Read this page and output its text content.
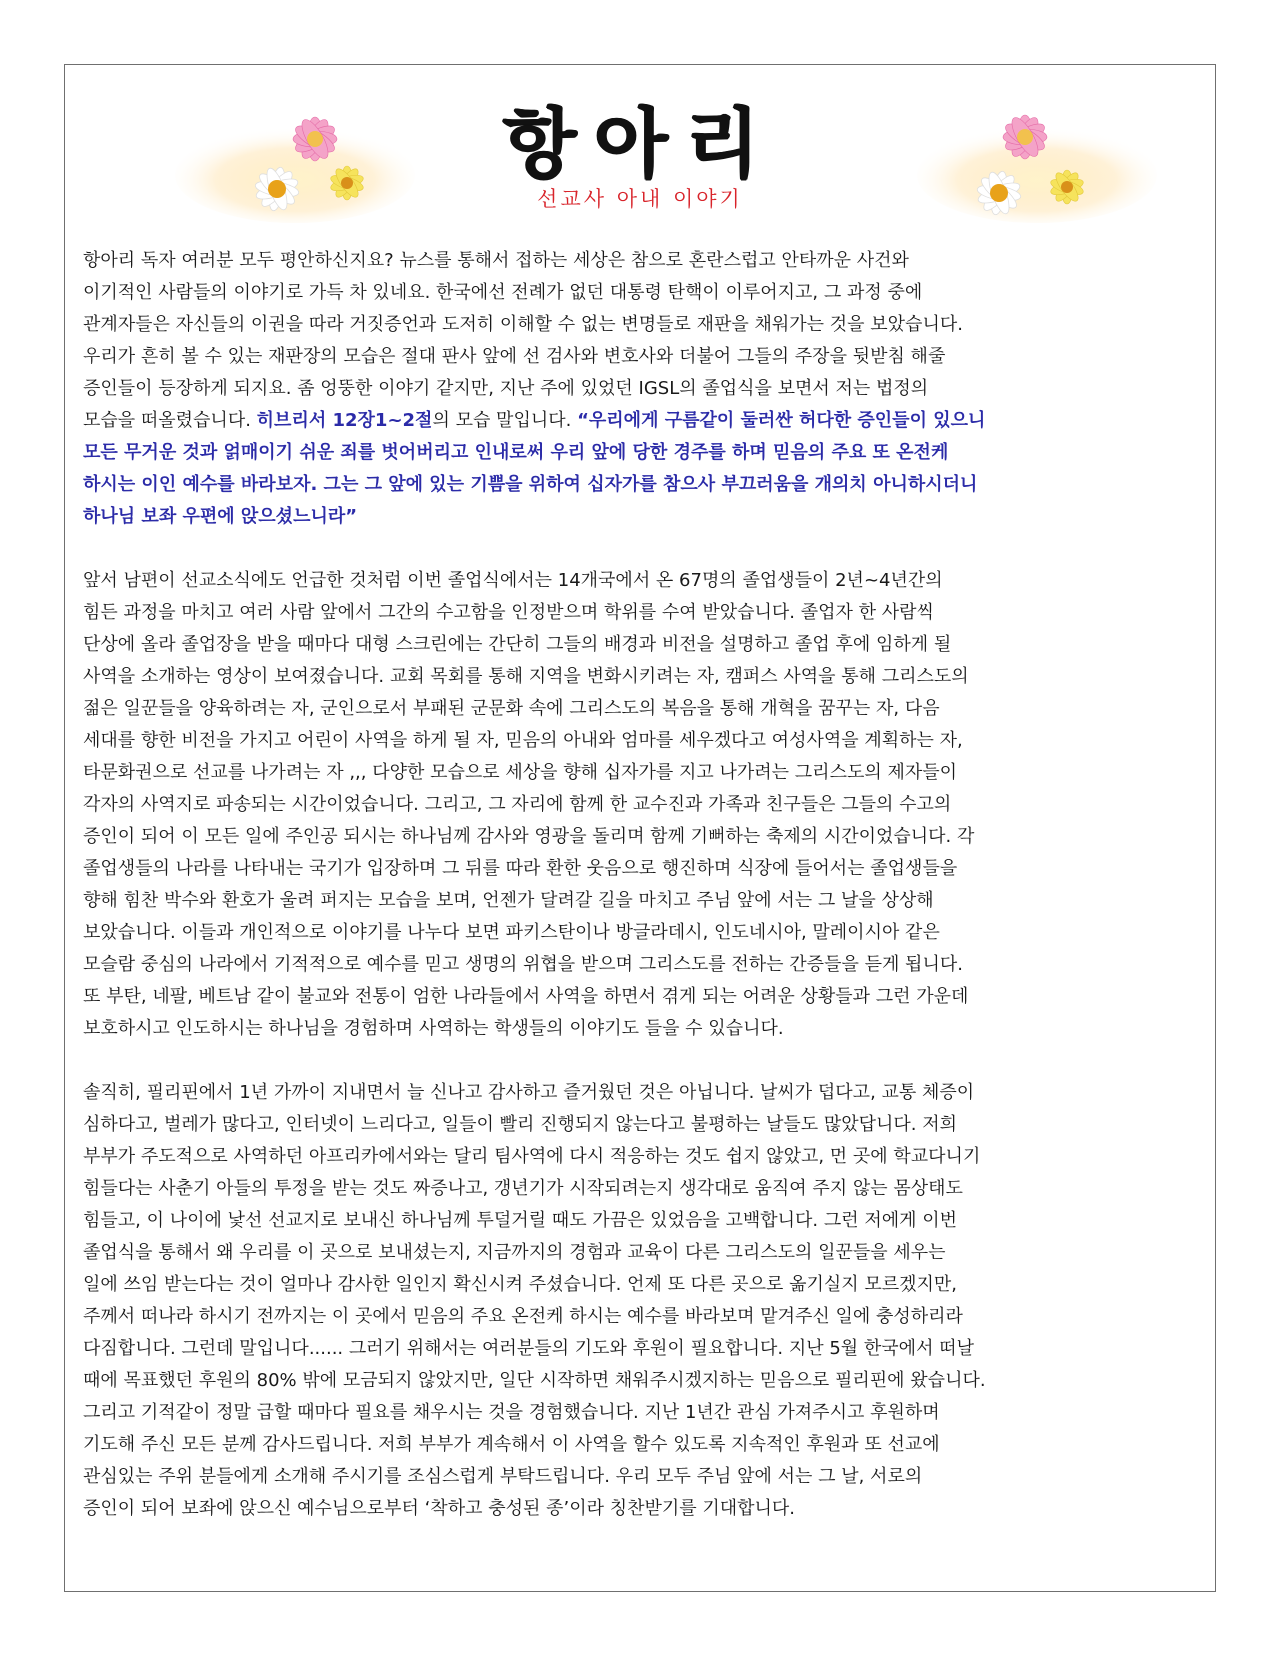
항아리
선교사 아내 이야기

항아리 독자 여러분 모두 평안하신지요? 뉴스를 통해서 접하는 세상은 참으로 혼란스럽고 안타까운 사건와
이기적인 사람들의 이야기로 가득 차 있네요. 한국에선 전례가 없던 대통령 탄핵이 이루어지고, 그 과정 중에
관계자들은 자신들의 이권을 따라 거짓증언과 도저히 이해할 수 없는 변명들로 재판을 채워가는 것을 보았습니다.
우리가 흔히 볼 수 있는 재판장의 모습은 절대 판사 앞에 선 검사와 변호사와 더불어 그들의 주장을 뒷받침 해줄
증인들이 등장하게 되지요. 좀 엉뚱한 이야기 같지만, 지난 주에 있었던 IGSL의 졸업식을 보면서 저는 법정의
모습을 떠올렸습니다. 히브리서 12장1~2절의 모습 말입니다. “우리에게 구름같이 둘러싼 허다한 증인들이 있으니
모든 무거운 것과 얽매이기 쉬운 죄를 벗어버리고 인내로써 우리 앞에 당한 경주를 하며 믿음의 주요 또 온전케
하시는 이인 예수를 바라보자. 그는 그 앞에 있는 기쁨을 위하여 십자가를 참으사 부끄러움을 개의치 아니하시더니
하나님 보좌 우편에 앉으셨느니라”

앞서 남편이 선교소식에도 언급한 것처럼 이번 졸업식에서는 14개국에서 온 67명의 졸업생들이 2년~4년간의
힘든 과정을 마치고 여러 사람 앞에서 그간의 수고함을 인정받으며 학위를 수여 받았습니다. 졸업자 한 사람씩
단상에 올라 졸업장을 받을 때마다 대형 스크린에는 간단히 그들의 배경과 비전을 설명하고 졸업 후에 임하게 될
사역을 소개하는 영상이 보여졌습니다. 교회 목회를 통해 지역을 변화시키려는 자, 캠퍼스 사역을 통해 그리스도의
젊은 일꾼들을 양육하려는 자, 군인으로서 부패된 군문화 속에 그리스도의 복음을 통해 개혁을 꿈꾸는 자, 다음
세대를 향한 비전을 가지고 어린이 사역을 하게 될 자, 믿음의 아내와 엄마를 세우겠다고 여성사역을 계획하는 자,
타문화권으로 선교를 나가려는 자 ,,, 다양한 모습으로 세상을 향해 십자가를 지고 나가려는 그리스도의 제자들이
각자의 사역지로 파송되는 시간이었습니다. 그리고, 그 자리에 함께 한 교수진과 가족과 친구들은 그들의 수고의
증인이 되어 이 모든 일에 주인공 되시는 하나님께 감사와 영광을 돌리며 함께 기뻐하는 축제의 시간이었습니다. 각
졸업생들의 나라를 나타내는 국기가 입장하며 그 뒤를 따라 환한 웃음으로 행진하며 식장에 들어서는 졸업생들을
향해 힘찬 박수와 환호가 울려 퍼지는 모습을 보며, 언젠가 달려갈 길을 마치고 주님 앞에 서는 그 날을 상상해
보았습니다. 이들과 개인적으로 이야기를 나누다 보면 파키스탄이나 방글라데시, 인도네시아, 말레이시아 같은
모슬람 중심의 나라에서 기적적으로 예수를 믿고 생명의 위협을 받으며 그리스도를 전하는 간증들을 듣게 됩니다.
또 부탄, 네팔, 베트남 같이 불교와 전통이 엄한 나라들에서 사역을 하면서 겪게 되는 어려운 상황들과 그런 가운데
보호하시고 인도하시는 하나님을 경험하며 사역하는 학생들의 이야기도 들을 수 있습니다.

솔직히, 필리핀에서 1년 가까이 지내면서 늘 신나고 감사하고 즐거웠던 것은 아닙니다. 날씨가 덥다고, 교통 체증이
심하다고, 벌레가 많다고, 인터넷이 느리다고, 일들이 빨리 진행되지 않는다고 불평하는 날들도 많았답니다. 저희
부부가 주도적으로 사역하던 아프리카에서와는 달리 팀사역에 다시 적응하는 것도 쉽지 않았고, 먼 곳에 학교다니기
힘들다는 사춘기 아들의 투정을 받는 것도 짜증나고, 갱년기가 시작되려는지 생각대로 움직여 주지 않는 몸상태도
힘들고, 이 나이에 낯선 선교지로 보내신 하나님께 투덜거릴 때도 가끔은 있었음을 고백합니다. 그런 저에게 이번
졸업식을 통해서 왜 우리를 이 곳으로 보내셨는지, 지금까지의 경험과 교육이 다른 그리스도의 일꾼들을 세우는
일에 쓰임 받는다는 것이 얼마나 감사한 일인지 확신시켜 주셨습니다. 언제 또 다른 곳으로 옮기실지 모르겠지만,
주께서 떠나라 하시기 전까지는 이 곳에서 믿음의 주요 온전케 하시는 예수를 바라보며 맡겨주신 일에 충성하리라
다짐합니다. 그런데 말입니다...... 그러기 위해서는 여러분들의 기도와 후원이 필요합니다. 지난 5월 한국에서 떠날
때에 목표했던 후원의 80% 밖에 모금되지 않았지만, 일단 시작하면 채워주시겠지하는 믿음으로 필리핀에 왔습니다.
그리고 기적같이 정말 급할 때마다 필요를 채우시는 것을 경험했습니다. 지난 1년간 관심 가져주시고 후원하며
기도해 주신 모든 분께 감사드립니다. 저희 부부가 계속해서 이 사역을 할수 있도록 지속적인 후원과 또 선교에
관심있는 주위 분들에게 소개해 주시기를 조심스럽게 부탁드립니다. 우리 모두 주님 앞에 서는 그 날, 서로의
증인이 되어 보좌에 앉으신 예수님으로부터 ‘착하고 충성된 종’이라 칭찬받기를 기대합니다.
